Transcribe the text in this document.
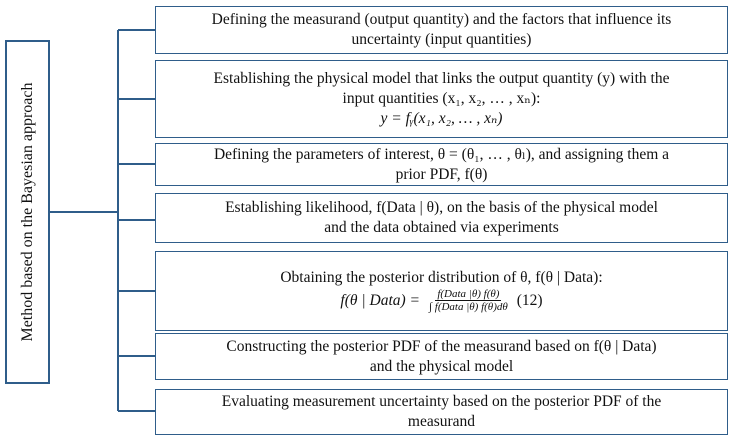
Method based on the Bayesian approach
Defining the measurand (output quantity) and the factors that influence its
uncertainty (input quantities)
Establishing the physical model that links the output quantity (y) with the
input quantities (x₁, x₂, … , xₙ):
y = fᵧ(x₁, x₂, … , xₙ)
Defining the parameters of interest, θ = (θ₁, … , θₗ), and assigning them a
prior PDF, f(θ)
Establishing likelihood, f(Data | θ), on the basis of the physical model
and the data obtained via experiments
Obtaining the posterior distribution of θ, f(θ | Data):
f(θ | Data) = $\frac{\text{f(Data |θ) f(θ)}}{\text{∫ f(Data |θ) f(θ)dθ}} (12)$
Constructing the posterior PDF of the measurand based on f(θ | Data)
and the physical model
Evaluating measurement uncertainty based on the posterior PDF of the
measurand
